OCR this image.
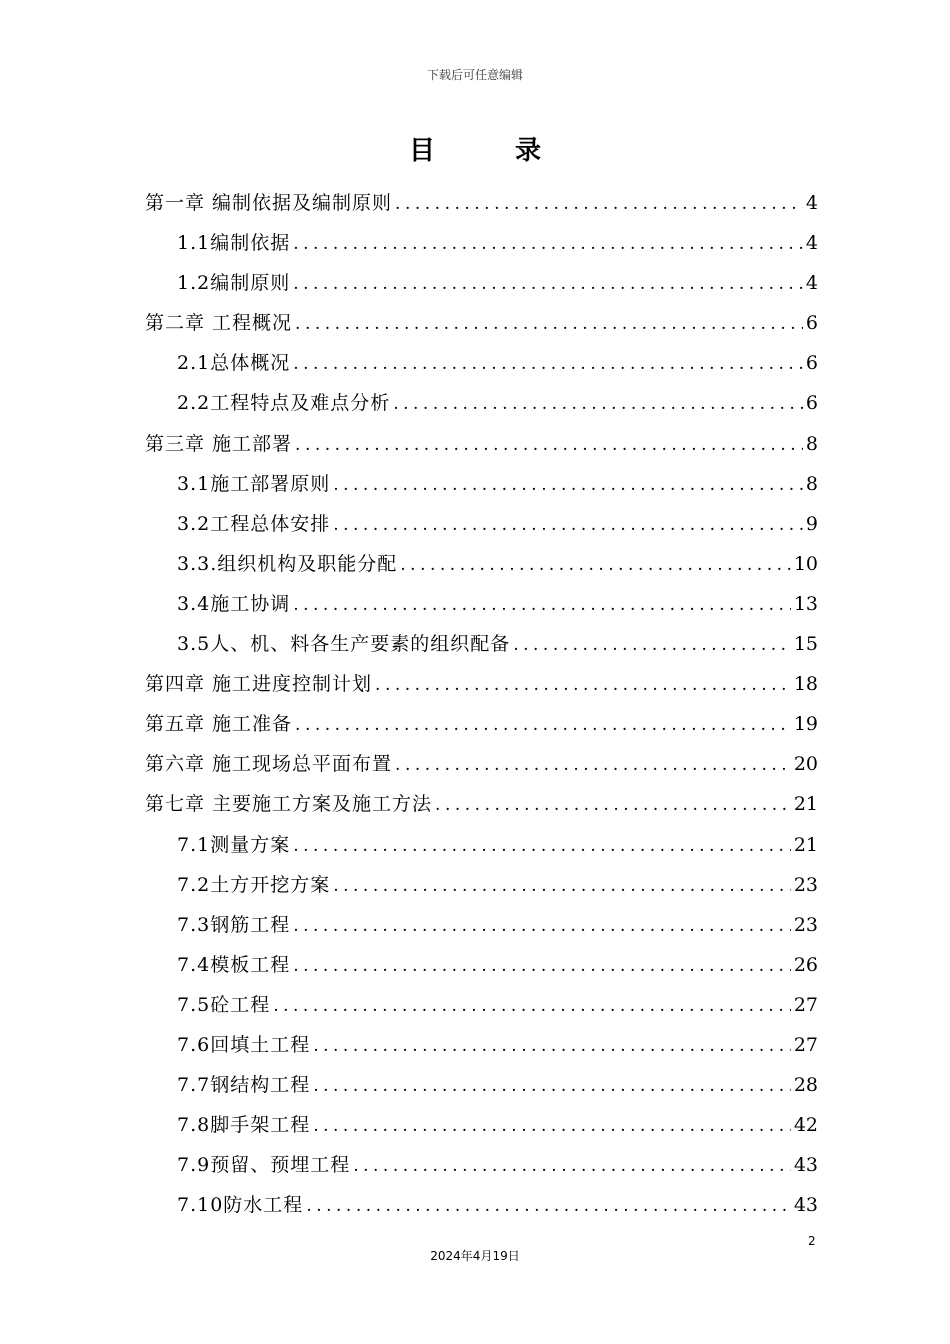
下载后可任意编辑
目录
第一章 编制依据及编制原则 .....	4
1.1编制依据 .....	4
1.2编制原则 .....	4
第二章 工程概况 .....	6
2.1总体概况 .....	6
2.2工程特点及难点分析 .....	6
第三章 施工部署 .....	8
3.1施工部署原则 .....	8
3.2工程总体安排 .....	9
3.3.组织机构及职能分配 .....	10
3.4施工协调 .....	13
3.5人、机、料各生产要素的组织配备 .....	15
第四章 施工进度控制计划 .....	18
第五章 施工准备 .....	19
第六章 施工现场总平面布置 .....	20
第七章 主要施工方案及施工方法 .....	21
7.1测量方案 .....	21
7.2土方开挖方案 .....	23
7.3钢筋工程 .....	23
7.4模板工程 .....	26
7.5砼工程 .....	27
7.6回填土工程 .....	27
7.7钢结构工程 .....	28
7.8脚手架工程 .....	42
7.9预留、预埋工程 .....	43
7.10防水工程 .....	43
2
2024年4月19日
